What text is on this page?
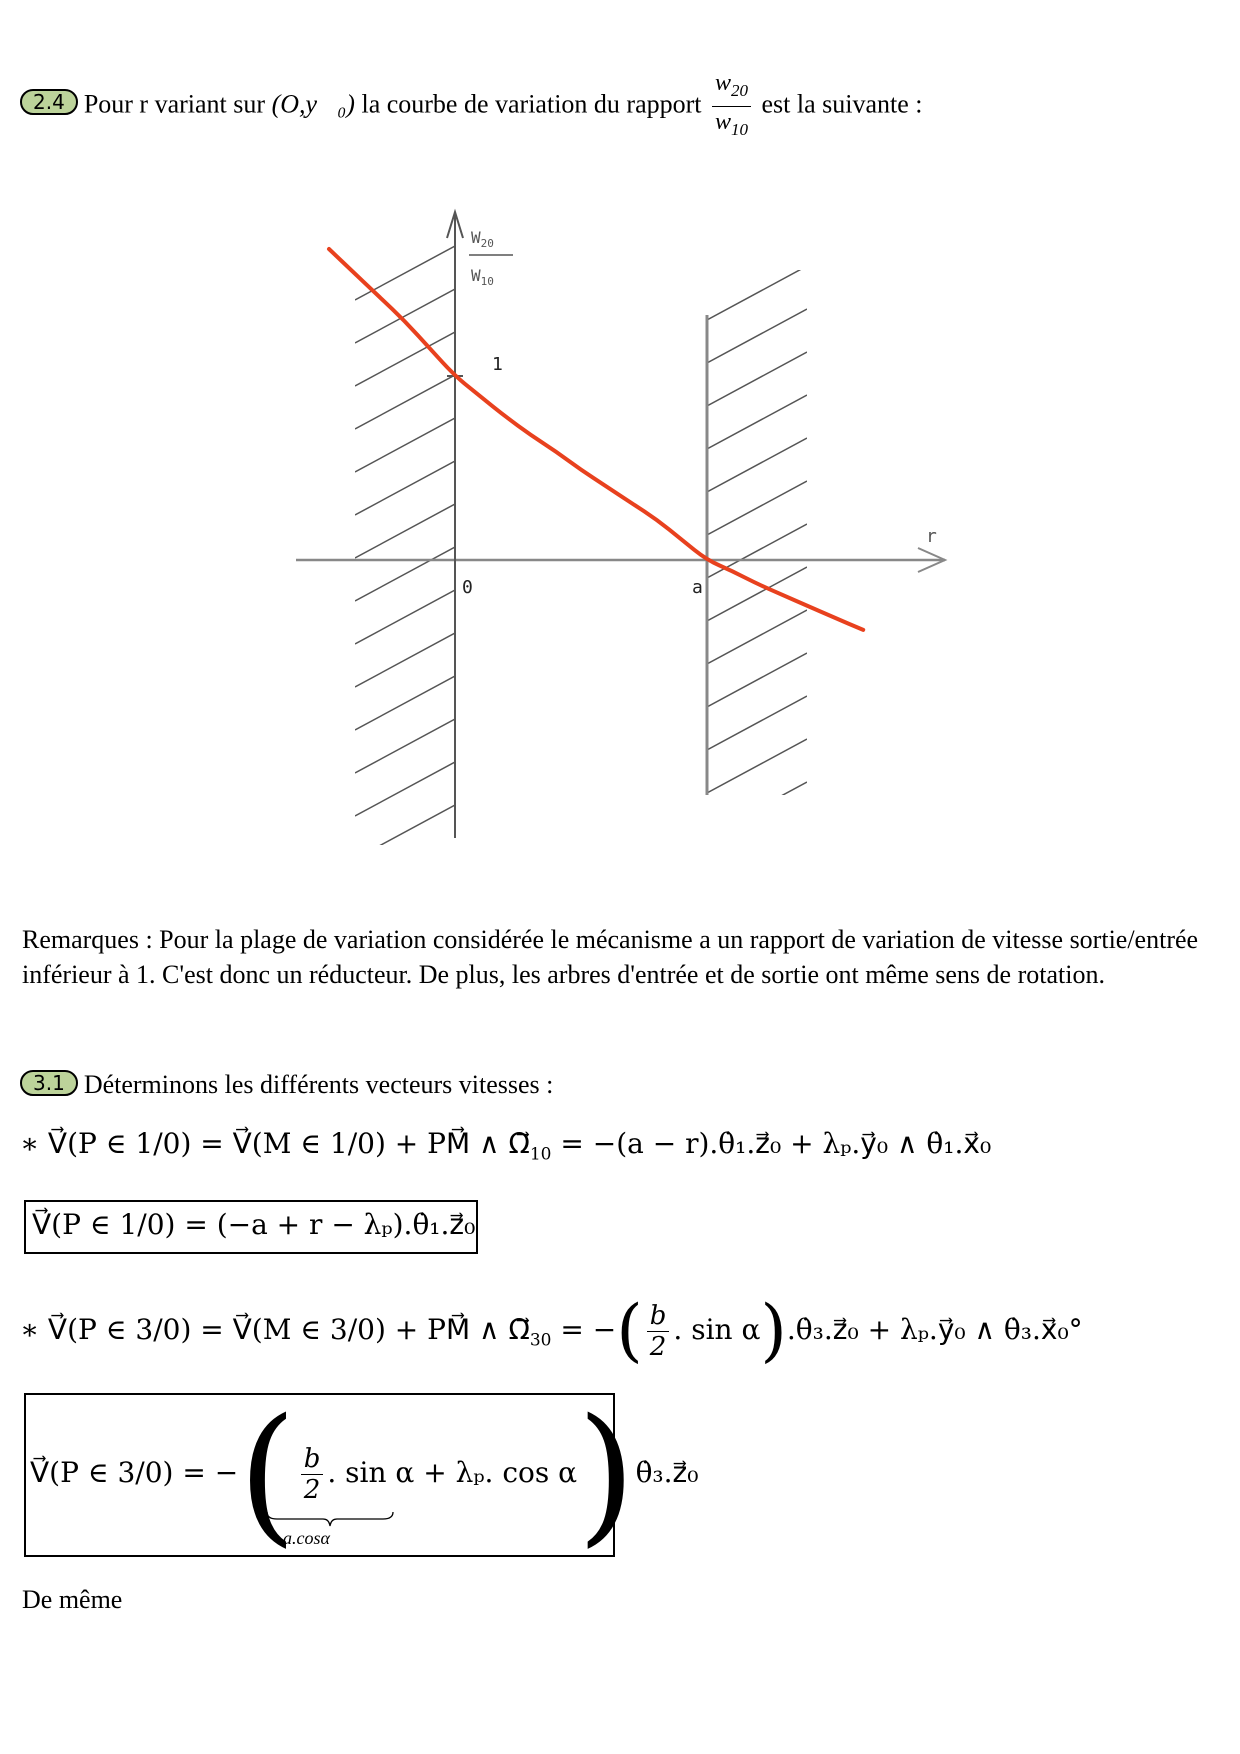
2.4 Pour r variant sur (O,y⃗₀) la courbe de variation du rapport $\frac{w_{20}}{w_{10}}$ est la suivante :
$W_{20}$
$W_{10}$
1
0	a
r
Remarques : Pour la plage de variation considérée le mécanisme a un rapport de variation de vitesse sortie/entrée inférieur à 1. C'est donc un réducteur. De plus, les arbres d'entrée et de sortie ont même sens de rotation.
3.1 Déterminons les différents vecteurs vitesses :
∗ V⃗(P ∈ 1/0) = V⃗(M ∈ 1/0) + PM⃗ ∧ $\Omega⃗_{10} = -(a$ − r).θ̇₁.z⃗₀ + λₚ.y⃗₀ ∧ θ̇₁.x⃗₀
V⃗(P ∈ 1/0) = (−a + r − λₚ).θ̇₁.z⃗₀
∗ V⃗(P ∈ 3/0) = V⃗(M ∈ 3/0) + PM⃗ ∧ $\Omega⃗_{30}$ = −( $\frac{b}{2}$ . sin α).θ̇₃.z⃗₀ + λₚ.y⃗₀ ∧ θ̇₃.x⃗₀°
V⃗(P ∈ 3/0) = −( $\frac{b}{2}$ . sin α + λₚ. cos α)θ̇₃.z⃗₀
a.cosα
De même
